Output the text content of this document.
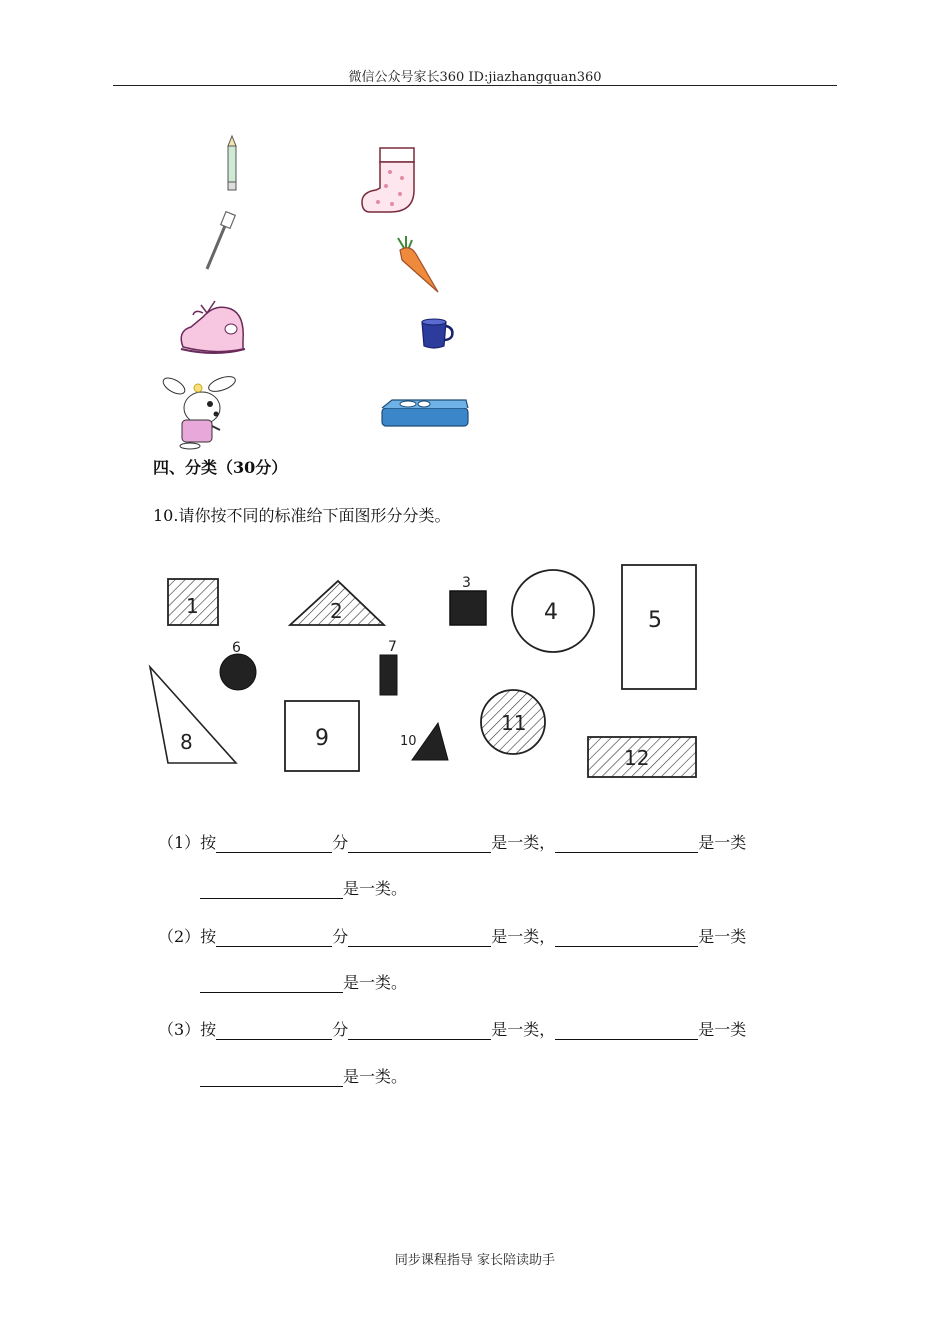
微信公众号家长360 ID:jiazhangquan360
四、分类（30分）
10.请你按不同的标准给下面图形分分类。
1	2
3
4	5
6	7
8	9	10
11
12
（1）按	分	是一类，	是一类
是一类。
（2）按	分	是一类，	是一类
是一类。
（3）按	分	是一类，	是一类
是一类。
同步课程指导 家长陪读助手
